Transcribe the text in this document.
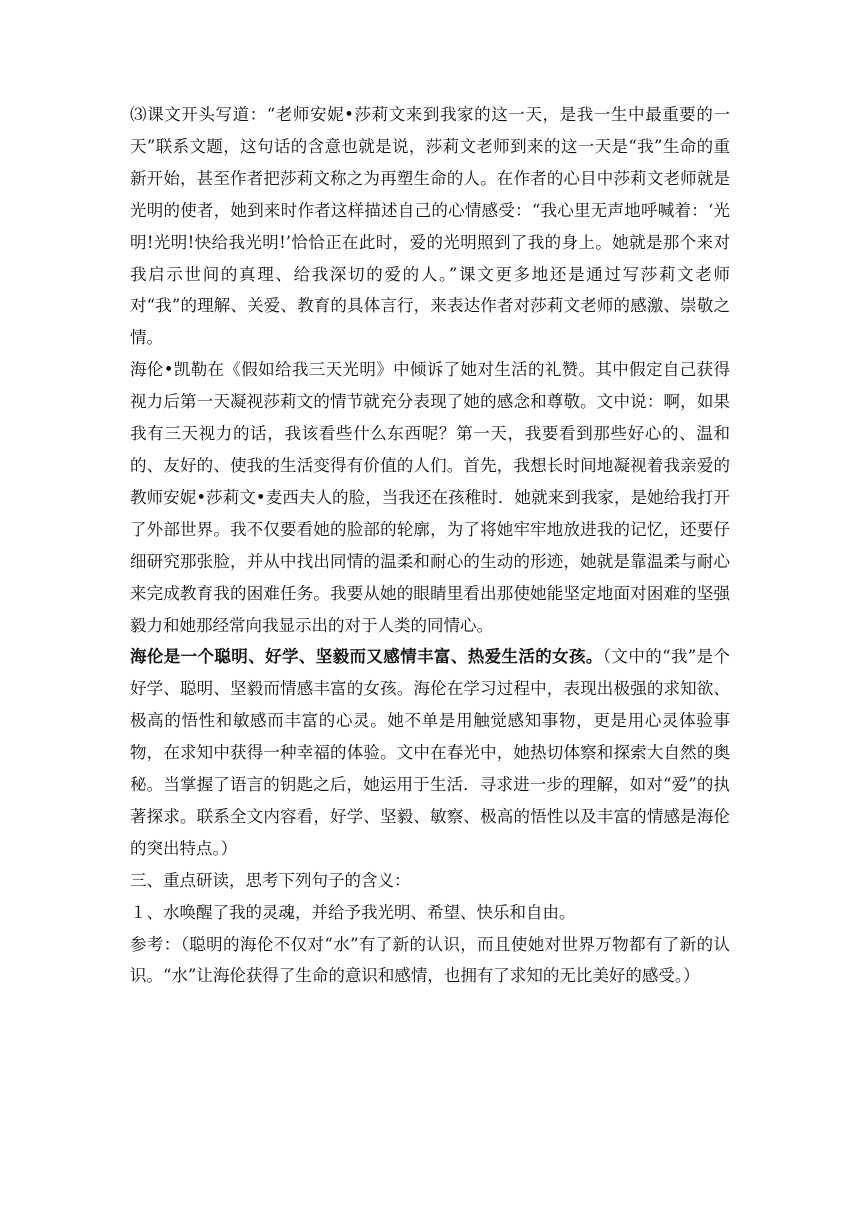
⑶课文开头写道：“老师安妮•莎莉文来到我家的这一天，是我一生中最重要的一天”联系文题，这句话的含意也就是说，莎莉文老师到来的这一天是“我”生命的重新开始，甚至作者把莎莉文称之为再塑生命的人。在作者的心目中莎莉文老师就是光明的使者，她到来时作者这样描述自己的心情感受：“我心里无声地呼喊着：‘光明!光明!快给我光明!’恰恰正在此时，爱的光明照到了我的身上。她就是那个来对我启示世间的真理、给我深切的爱的人。”课文更多地还是通过写莎莉文老师对“我”的理解、关爱、教育的具体言行，来表达作者对莎莉文老师的感激、崇敬之情。

海伦•凯勒在《假如给我三天光明》中倾诉了她对生活的礼赞。其中假定自己获得视力后第一天凝视莎莉文的情节就充分表现了她的感念和尊敬。文中说：啊，如果我有三天视力的话，我该看些什么东西呢？第一天，我要看到那些好心的、温和的、友好的、使我的生活变得有价值的人们。首先，我想长时间地凝视着我亲爱的教师安妮•莎莉文•麦西夫人的脸，当我还在孩稚时．她就来到我家，是她给我打开了外部世界。我不仅要看她的脸部的轮廓，为了将她牢牢地放进我的记忆，还要仔细研究那张脸，并从中找出同情的温柔和耐心的生动的形迹，她就是靠温柔与耐心来完成教育我的困难任务。我要从她的眼睛里看出那使她能坚定地面对困难的坚强毅力和她那经常向我显示出的对于人类的同情心。

海伦是一个聪明、好学、坚毅而又感情丰富、热爱生活的女孩。（文中的“我”是个好学、聪明、坚毅而情感丰富的女孩。海伦在学习过程中，表现出极强的求知欲、极高的悟性和敏感而丰富的心灵。她不单是用触觉感知事物，更是用心灵体验事物，在求知中获得一种幸福的体验。文中在春光中，她热切体察和探索大自然的奥秘。当掌握了语言的钥匙之后，她运用于生活．寻求进一步的理解，如对“爱”的执著探求。联系全文内容看，好学、坚毅、敏察、极高的悟性以及丰富的情感是海伦的突出特点。）

三、重点研读，思考下列句子的含义：

１、水唤醒了我的灵魂，并给予我光明、希望、快乐和自由。

参考：（聪明的海伦不仅对“水”有了新的认识，而且使她对世界万物都有了新的认识。“水”让海伦获得了生命的意识和感情，也拥有了求知的无比美好的感受。）
